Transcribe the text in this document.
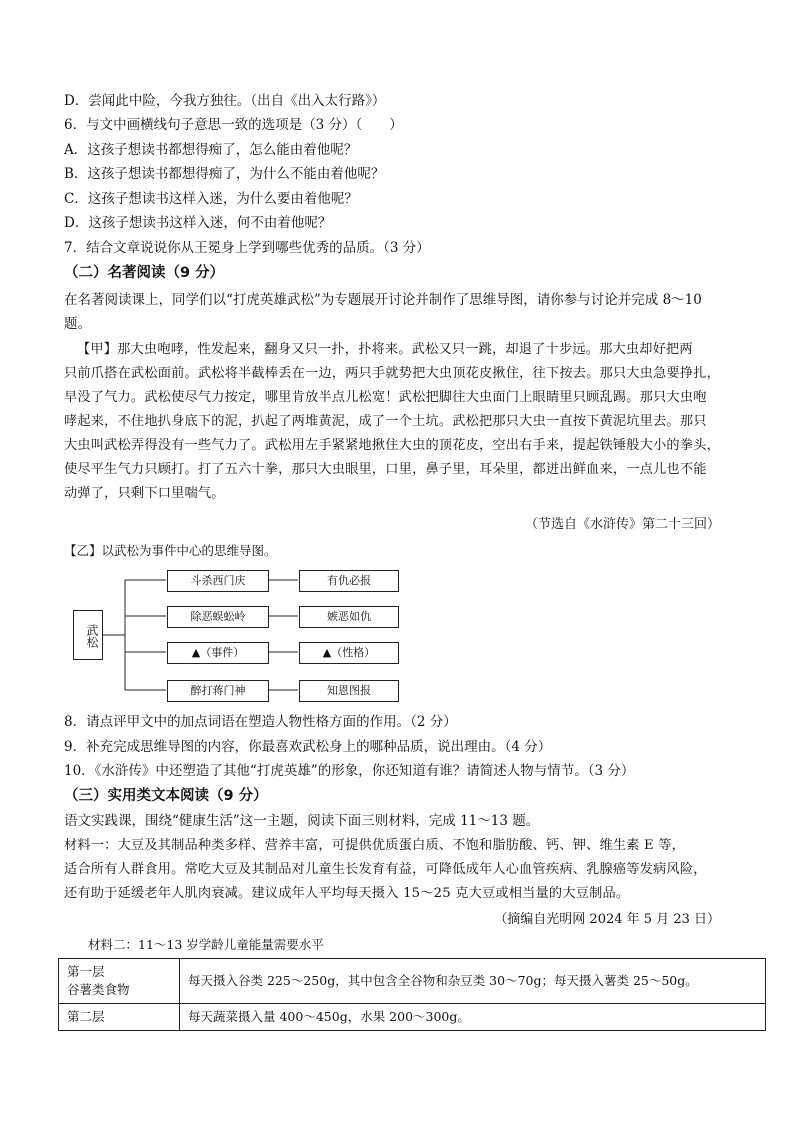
D．尝闻此中险，今我方独往。（出自《出入太行路》）
6．与文中画横线句子意思一致的选项是（3 分）（　　）
A．这孩子想读书都想得痴了，怎么能由着他呢？
B．这孩子想读书都想得痴了，为什么不能由着他呢？
C．这孩子想读书这样入迷，为什么要由着他呢？
D．这孩子想读书这样入迷，何不由着他呢？
7．结合文章说说你从王冕身上学到哪些优秀的品质。（3 分）
（二）名著阅读（9 分）
在名著阅读课上，同学们以“打虎英雄武松”为专题展开讨论并制作了思维导图，请你参与讨论并完成 8～10
题。
【甲】那大虫咆哮，性发起来，翻身又只一扑，扑将来。武松又只一跳，却退了十步远。那大虫却好把两
只前爪搭在武松面前。武松将半截棒丢在一边，两只手就势把大虫顶花皮揪住，往下按去。那只大虫急要挣扎，
早没了气力。武松使尽气力按定，哪里肯放半点儿松宽！武松把脚往大虫面门上眼睛里只顾乱踢。那只大虫咆
哮起来，不住地扒身底下的泥，扒起了两堆黄泥，成了一个土坑。武松把那只大虫一直按下黄泥坑里去。那只
大虫叫武松弄得没有一些气力了。武松用左手紧紧地揪住大虫的顶花皮，空出右手来，提起铁锤般大小的拳头，
使尽平生气力只顾打。打了五六十拳，那只大虫眼里，口里，鼻子里，耳朵里，都迸出鲜血来，一点儿也不能
动弹了，只剩下口里喘气。
（节选自《水浒传》第二十三回）
【乙】以武松为事件中心的思维导图。
武松
斗杀西门庆
除恶蜈蚣岭
▲（事件）
醉打蒋门神
有仇必报
嫉恶如仇
▲（性格）
知恩图报
8．请点评甲文中的加点词语在塑造人物性格方面的作用。（2 分）
9．补充完成思维导图的内容，你最喜欢武松身上的哪种品质，说出理由。（4 分）
10．《水浒传》中还塑造了其他“打虎英雄”的形象，你还知道有谁？请简述人物与情节。（3 分）
（三）实用类文本阅读（9 分）
语文实践课，围绕“健康生活”这一主题，阅读下面三则材料，完成 11～13 题。
材料一：大豆及其制品种类多样、营养丰富，可提供优质蛋白质、不饱和脂肪酸、钙、钾、维生素 E 等，
适合所有人群食用。常吃大豆及其制品对儿童生长发育有益，可降低成年人心血管疾病、乳腺癌等发病风险，
还有助于延缓老年人肌肉衰减。建议成年人平均每天摄入 15～25 克大豆或相当量的大豆制品。
（摘编自光明网 2024 年 5 月 23 日）
材料二：11～13 岁学龄儿童能量需要水平
第一层
谷薯类食物	每天摄入谷类 225～250g，其中包含全谷物和杂豆类 30～70g；每天摄入薯类 25～50g。

第二层	每天蔬菜摄入量 400～450g，水果 200～300g。
